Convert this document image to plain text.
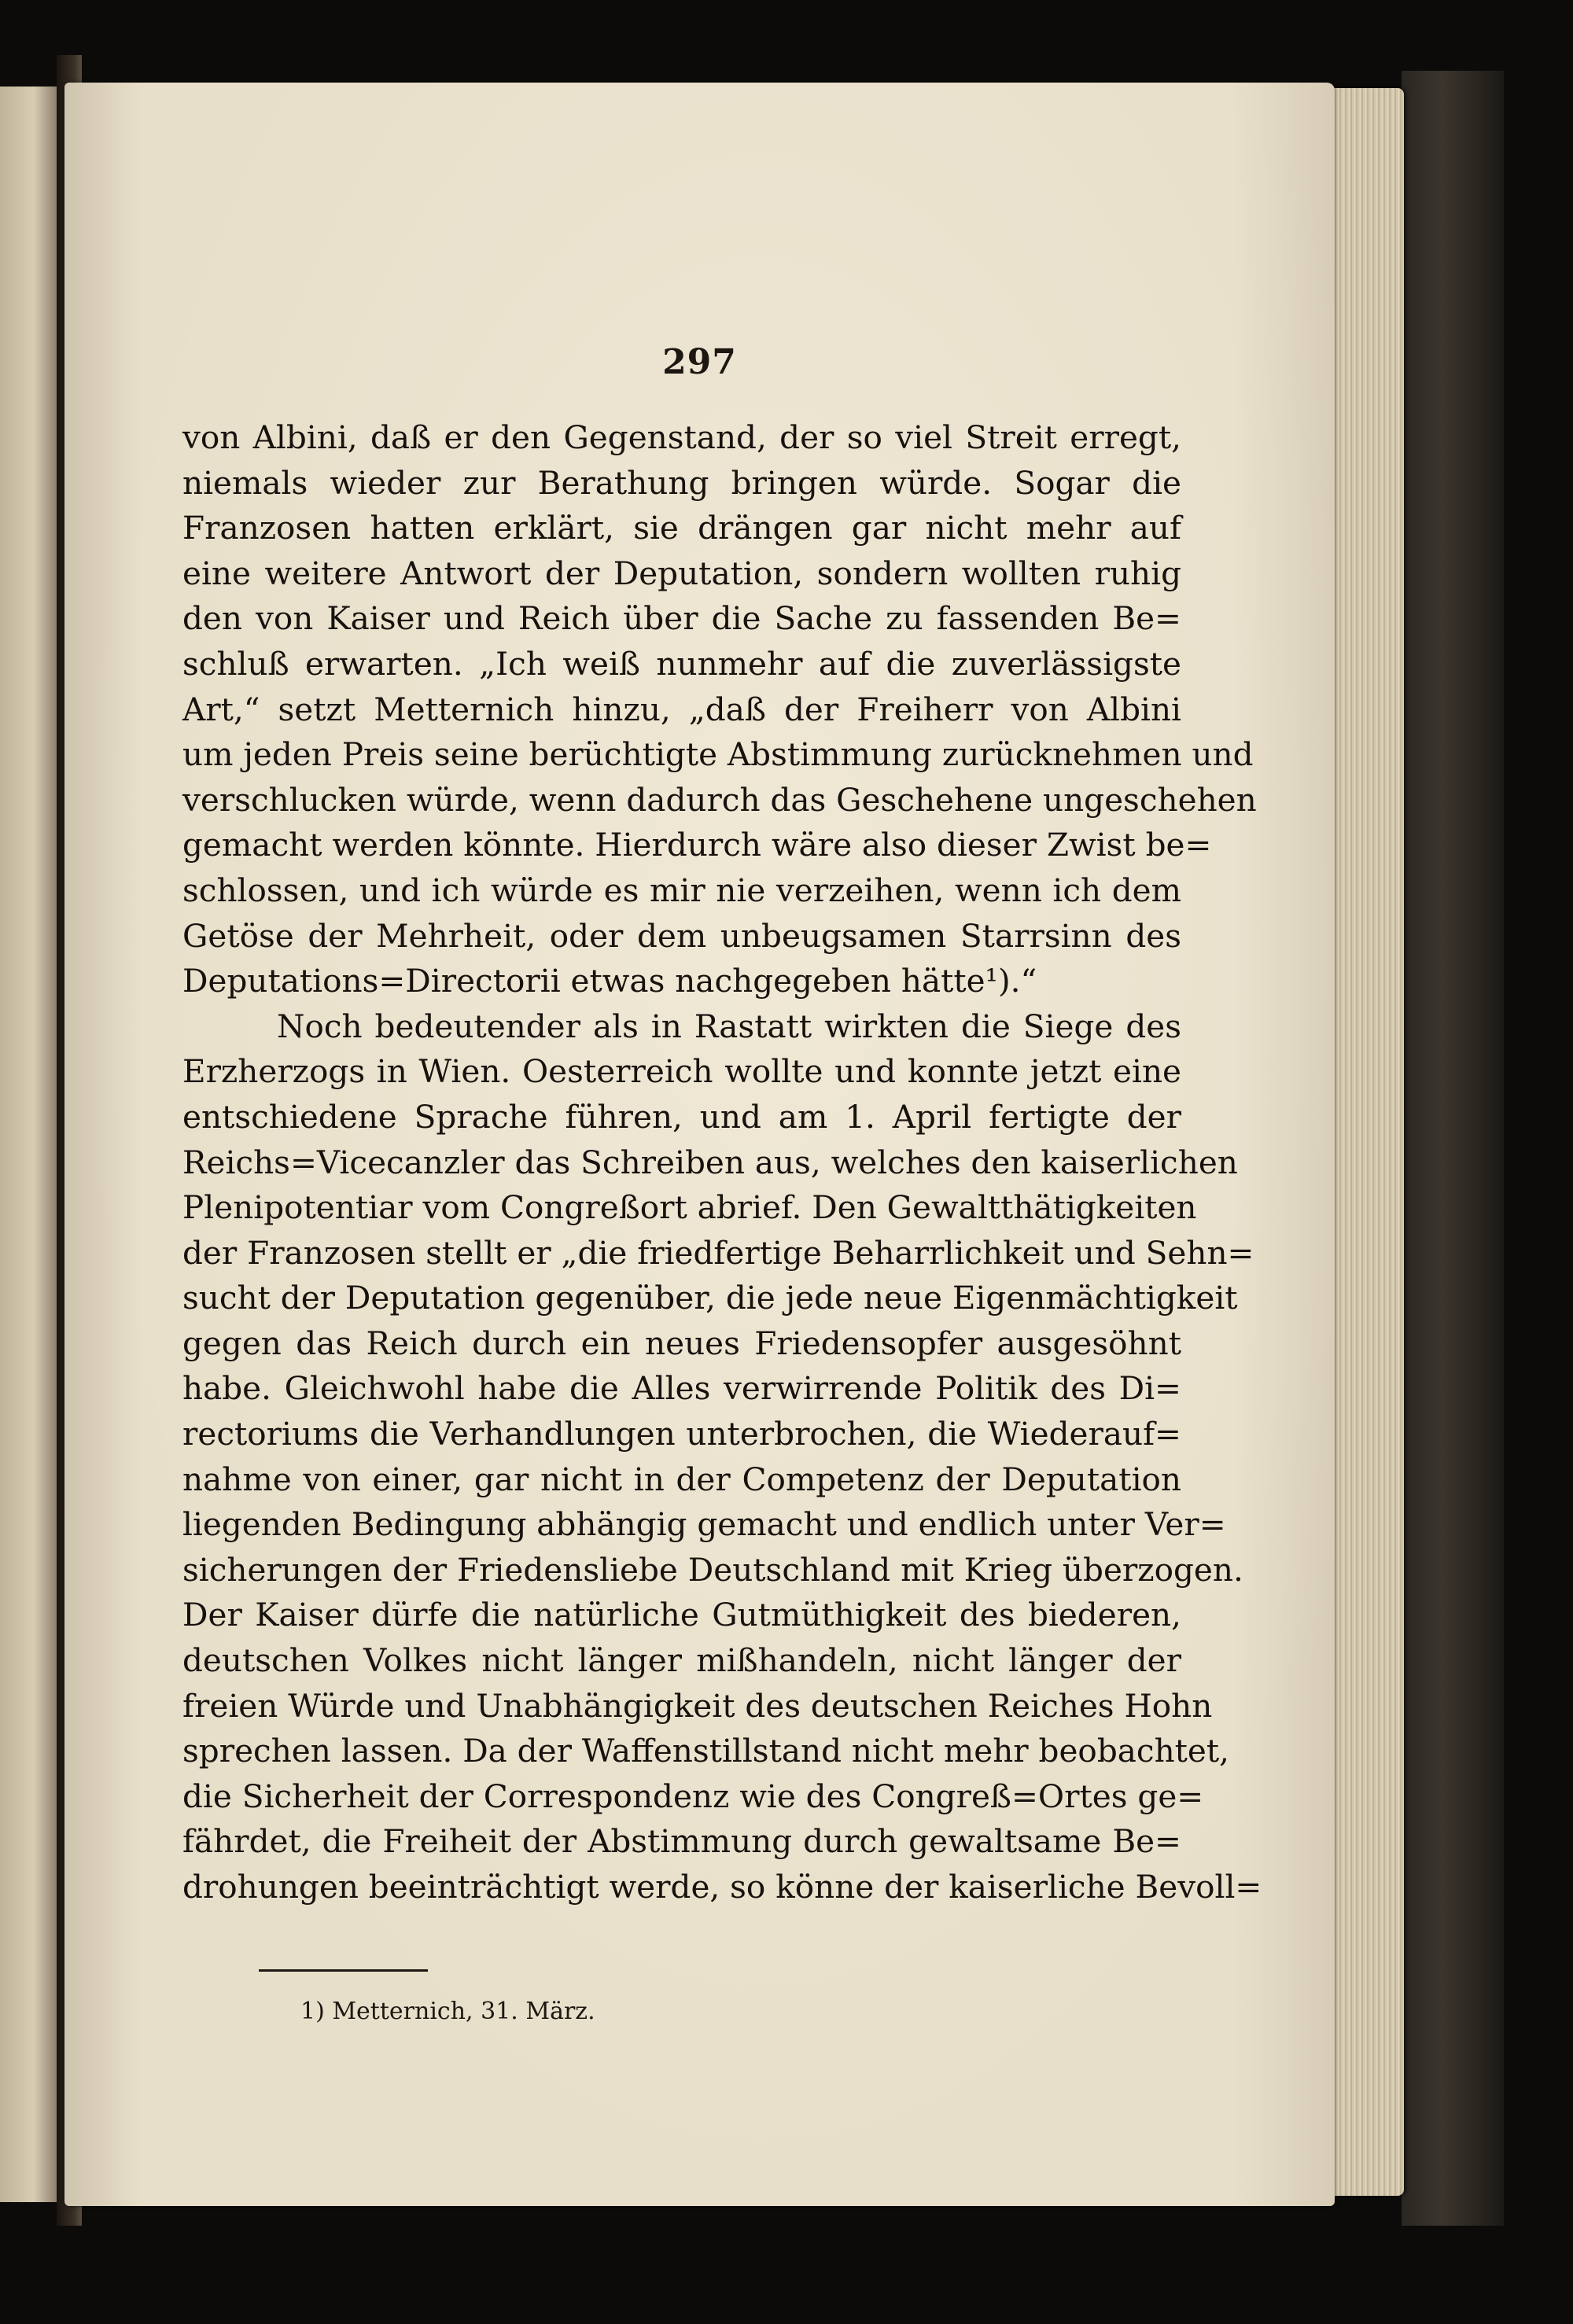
297
von Albini, daß er den Gegenstand, der so viel Streit erregt,
niemals wieder zur Berathung bringen würde. Sogar die
Franzosen hatten erklärt, sie drängen gar nicht mehr auf
eine weitere Antwort der Deputation, sondern wollten ruhig
den von Kaiser und Reich über die Sache zu fassenden Be=
schluß erwarten. „Ich weiß nunmehr auf die zuverlässigste
Art,“ setzt Metternich hinzu, „daß der Freiherr von Albini
um jeden Preis seine berüchtigte Abstimmung zurücknehmen und
verschlucken würde, wenn dadurch das Geschehene ungeschehen
gemacht werden könnte. Hierdurch wäre also dieser Zwist be=
schlossen, und ich würde es mir nie verzeihen, wenn ich dem
Getöse der Mehrheit, oder dem unbeugsamen Starrsinn des
Deputations=Directorii etwas nachgegeben hätte¹).“
Noch bedeutender als in Rastatt wirkten die Siege des
Erzherzogs in Wien. Oesterreich wollte und konnte jetzt eine
entschiedene Sprache führen, und am 1. April fertigte der
Reichs=Vicecanzler das Schreiben aus, welches den kaiserlichen
Plenipotentiar vom Congreßort abrief. Den Gewaltthätigkeiten
der Franzosen stellt er „die friedfertige Beharrlichkeit und Sehn=
sucht der Deputation gegenüber, die jede neue Eigenmächtigkeit
gegen das Reich durch ein neues Friedensopfer ausgesöhnt
habe. Gleichwohl habe die Alles verwirrende Politik des Di=
rectoriums die Verhandlungen unterbrochen, die Wiederauf=
nahme von einer, gar nicht in der Competenz der Deputation
liegenden Bedingung abhängig gemacht und endlich unter Ver=
sicherungen der Friedensliebe Deutschland mit Krieg überzogen.
Der Kaiser dürfe die natürliche Gutmüthigkeit des biederen,
deutschen Volkes nicht länger mißhandeln, nicht länger der
freien Würde und Unabhängigkeit des deutschen Reiches Hohn
sprechen lassen. Da der Waffenstillstand nicht mehr beobachtet,
die Sicherheit der Correspondenz wie des Congreß=Ortes ge=
fährdet, die Freiheit der Abstimmung durch gewaltsame Be=
drohungen beeinträchtigt werde, so könne der kaiserliche Bevoll=
1) Metternich, 31. März.
